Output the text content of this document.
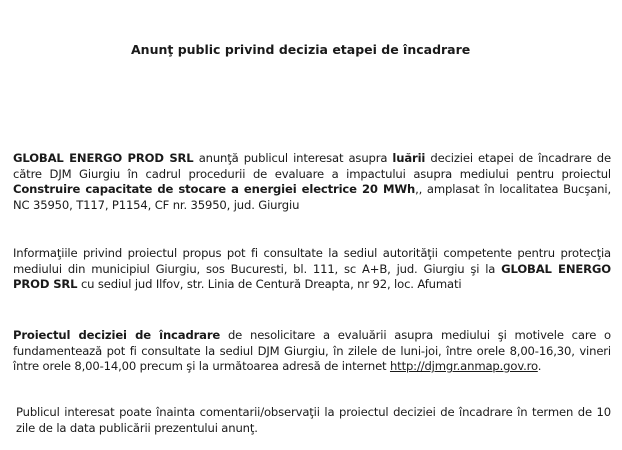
Anunţ public privind decizia etapei de încadrare
GLOBAL ENERGO PROD SRL anunţă publicul interesat asupra luării deciziei etapei de încadrare de către DJM Giurgiu în cadrul procedurii de evaluare a impactului asupra mediului pentru proiectul Construire capacitate de stocare a energiei electrice 20 MWh,, amplasat în localitatea Bucşani, NC 35950, T117, P1154, CF nr. 35950, jud. Giurgiu
Informaţiile privind proiectul propus pot fi consultate la sediul autorităţii competente pentru protecţia mediului din municipiul Giurgiu, sos Bucuresti, bl. 111, sc A+B, jud. Giurgiu şi la GLOBAL ENERGO PROD SRL cu sediul jud Ilfov, str. Linia de Centură Dreapta, nr 92, loc. Afumati
Proiectul deciziei de încadrare de nesolicitare a evaluării asupra mediului şi motivele care o fundamentează pot fi consultate la sediul DJM Giurgiu, în zilele de luni-joi, între orele 8,00-16,30, vineri între orele 8,00-14,00 precum şi la următoarea adresă de internet http://djmgr.anmap.gov.ro.
Publicul interesat poate înainta comentarii/observaţii la proiectul deciziei de încadrare în termen de 10 zile de la data publicării prezentului anunţ.
